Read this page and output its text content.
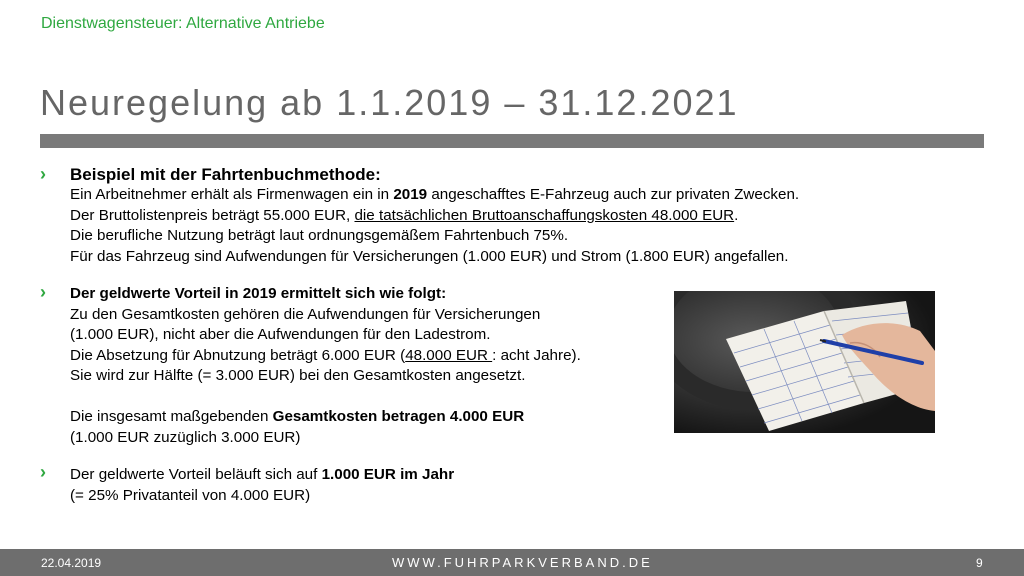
Dienstwagensteuer: Alternative Antriebe
Neuregelung ab 1.1.2019 – 31.12.2021
› Beispiel mit der Fahrtenbuchmethode:
Ein Arbeitnehmer erhält als Firmenwagen ein in 2019 angeschafftes E-Fahrzeug auch zur privaten Zwecken.
Der Bruttolistenpreis beträgt 55.000 EUR, die tatsächlichen Bruttoanschaffungskosten 48.000 EUR.
Die berufliche Nutzung beträgt laut ordnungsgemäßem Fahrtenbuch 75%.
Für das Fahrzeug sind Aufwendungen für Versicherungen (1.000 EUR) und Strom (1.800 EUR) angefallen.
› Der geldwerte Vorteil in 2019 ermittelt sich wie folgt:
Zu den Gesamtkosten gehören die Aufwendungen für Versicherungen
(1.000 EUR), nicht aber die Aufwendungen für den Ladestrom.
Die Absetzung für Abnutzung beträgt 6.000 EUR (48.000 EUR : acht Jahre).
Sie wird zur Hälfte (= 3.000 EUR) bei den Gesamtkosten angesetzt.
Die insgesamt maßgebenden Gesamtkosten betragen 4.000 EUR
(1.000 EUR zuzüglich 3.000 EUR)
› Der geldwerte Vorteil beläuft sich auf 1.000 EUR im Jahr
(= 25% Privatanteil von 4.000 EUR)
22.04.2019	WWW.FUHRPARKVERBAND.DE	9
